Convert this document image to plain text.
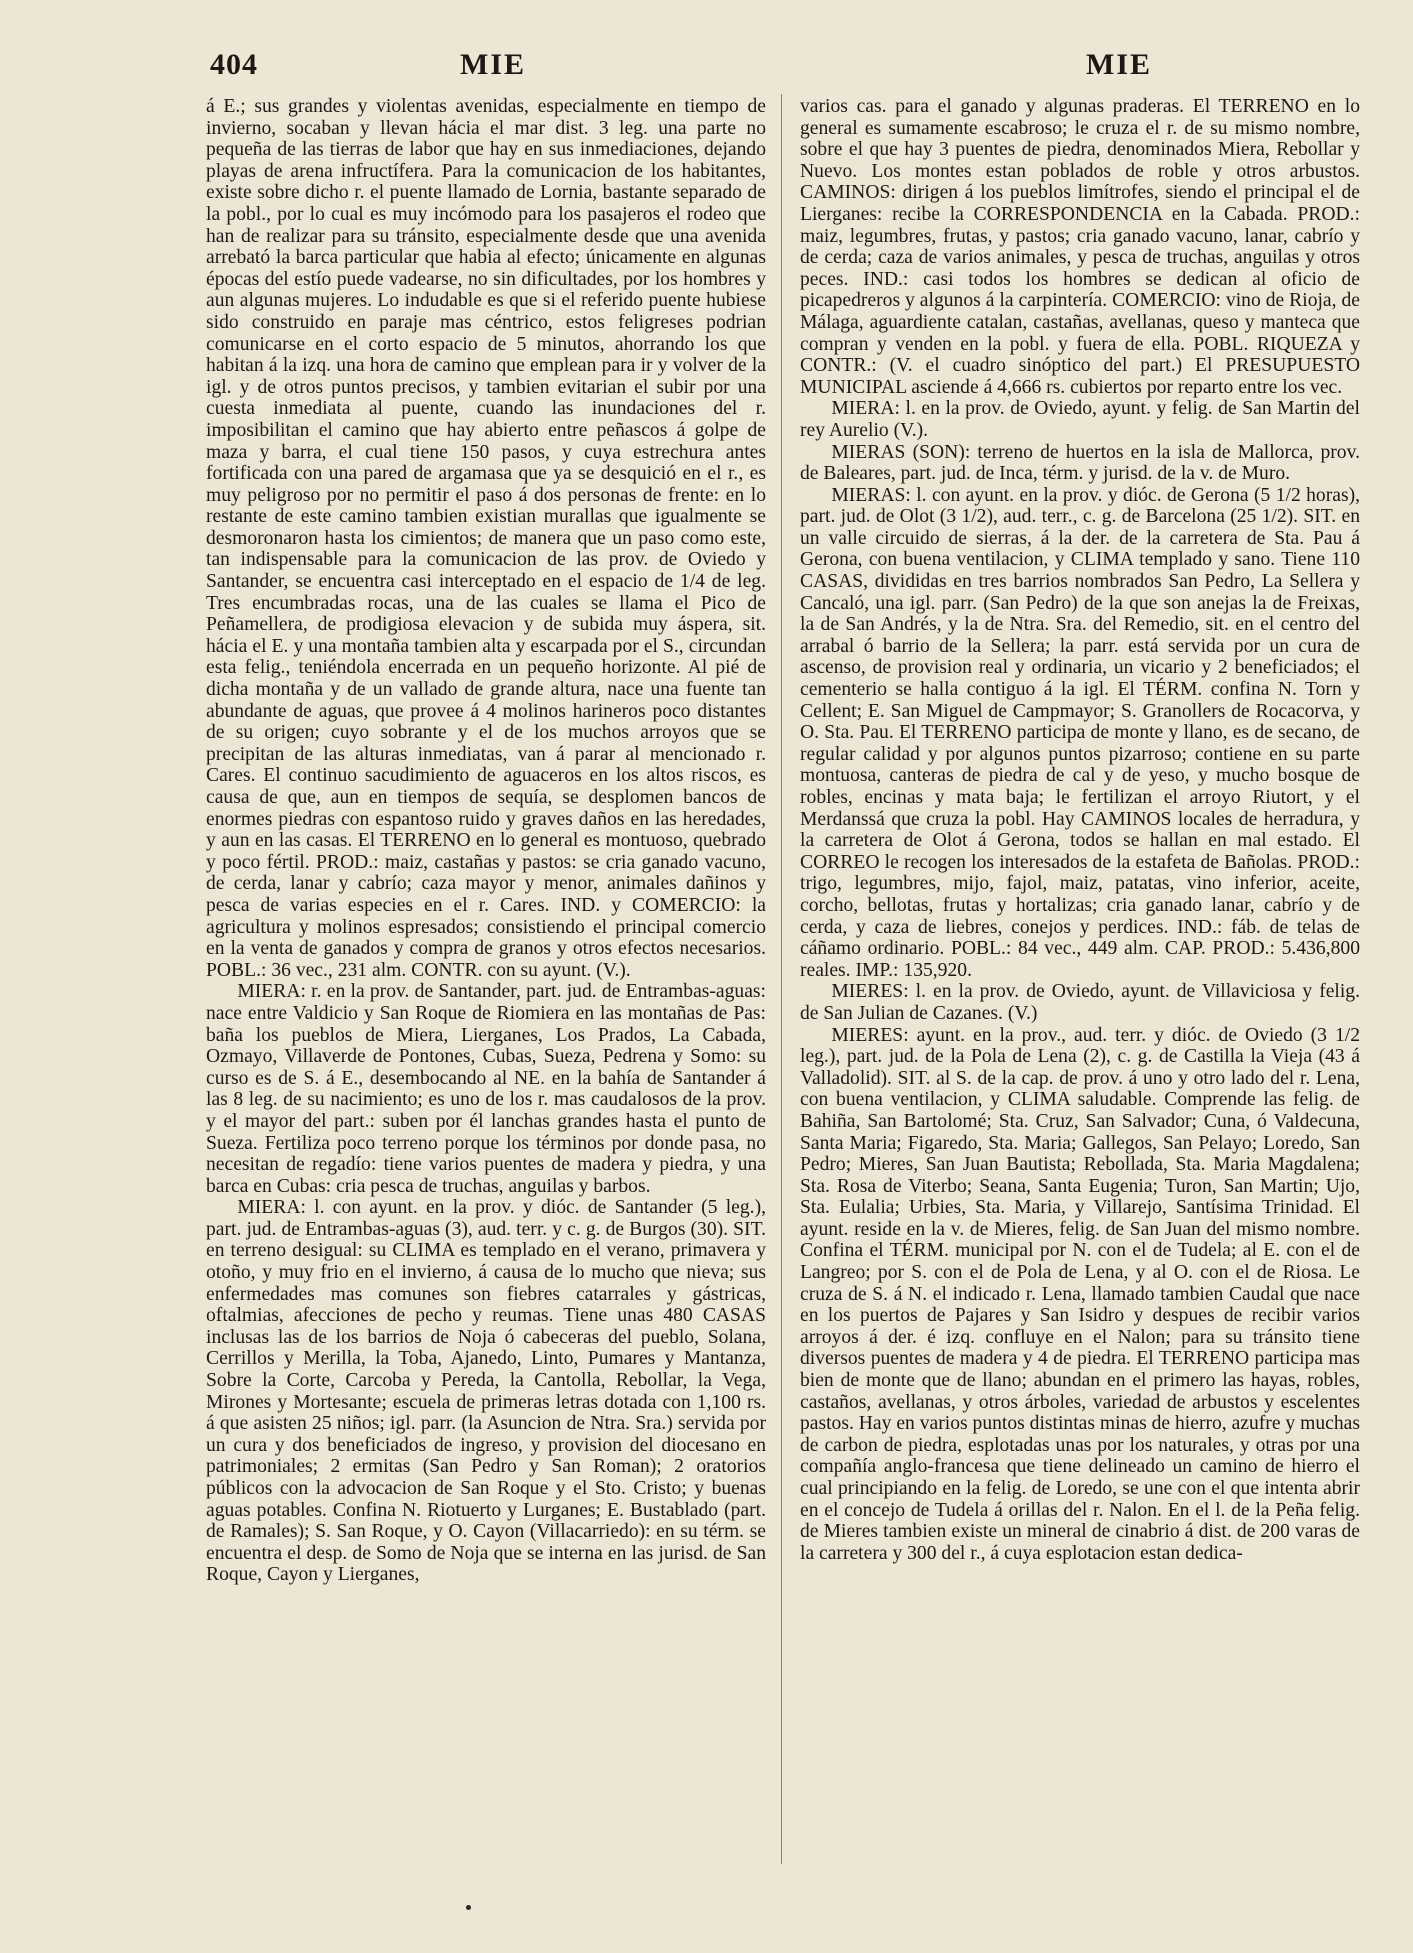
404	MIE	MIE

á E.; sus grandes y violentas avenidas, especialmente en tiempo de invierno, socaban y llevan hácia el mar dist. 3 leg. una parte no pequeña de las tierras de labor que hay en sus inmediaciones, dejando playas de arena infructífera. Para la comunicacion de los habitantes, existe sobre dicho r. el puente llamado de Lornia, bastante separado de la pobl., por lo cual es muy incómodo para los pasajeros el rodeo que han de realizar para su tránsito, especialmente desde que una avenida arrebató la barca particular que habia al efecto; únicamente en algunas épocas del estío puede vadearse, no sin dificultades, por los hombres y aun algunas mujeres. Lo indudable es que si el referido puente hubiese sido construido en paraje mas céntrico, estos feligreses podrian comunicarse en el corto espacio de 5 minutos, ahorrando los que habitan á la izq. una hora de camino que emplean para ir y volver de la igl. y de otros puntos precisos, y tambien evitarian el subir por una cuesta inmediata al puente, cuando las inundaciones del r. imposibilitan el camino que hay abierto entre peñascos á golpe de maza y barra, el cual tiene 150 pasos, y cuya estrechura antes fortificada con una pared de argamasa que ya se desquició en el r., es muy peligroso por no permitir el paso á dos personas de frente: en lo restante de este camino tambien existian murallas que igualmente se desmoronaron hasta los cimientos; de manera que un paso como este, tan indispensable para la comunicacion de las prov. de Oviedo y Santander, se encuentra casi interceptado en el espacio de 1/4 de leg. Tres encumbradas rocas, una de las cuales se llama el Pico de Peñamellera, de prodigiosa elevacion y de subida muy áspera, sit. hácia el E. y una montaña tambien alta y escarpada por el S., circundan esta felig., teniéndola encerrada en un pequeño horizonte. Al pié de dicha montaña y de un vallado de grande altura, nace una fuente tan abundante de aguas, que provee á 4 molinos harineros poco distantes de su origen; cuyo sobrante y el de los muchos arroyos que se precipitan de las alturas inmediatas, van á parar al mencionado r. Cares. El continuo sacudimiento de aguaceros en los altos riscos, es causa de que, aun en tiempos de sequía, se desplomen bancos de enormes piedras con espantoso ruido y graves daños en las heredades, y aun en las casas. El TERRENO en lo general es montuoso, quebrado y poco fértil. PROD.: maiz, castañas y pastos: se cria ganado vacuno, de cerda, lanar y cabrío; caza mayor y menor, animales dañinos y pesca de varias especies en el r. Cares. IND. y COMERCIO: la agricultura y molinos espresados; consistiendo el principal comercio en la venta de ganados y compra de granos y otros efectos necesarios. POBL.: 36 vec., 231 alm. CONTR. con su ayunt. (V.).

MIERA: r. en la prov. de Santander, part. jud. de Entrambas-aguas: nace entre Valdicio y San Roque de Riomiera en las montañas de Pas: baña los pueblos de Miera, Lierganes, Los Prados, La Cabada, Ozmayo, Villaverde de Pontones, Cubas, Sueza, Pedrena y Somo: su curso es de S. á E., desembocando al NE. en la bahía de Santander á las 8 leg. de su nacimiento; es uno de los r. mas caudalosos de la prov. y el mayor del part.: suben por él lanchas grandes hasta el punto de Sueza. Fertiliza poco terreno porque los términos por donde pasa, no necesitan de regadío: tiene varios puentes de madera y piedra, y una barca en Cubas: cria pesca de truchas, anguilas y barbos.

MIERA: l. con ayunt. en la prov. y dióc. de Santander (5 leg.), part. jud. de Entrambas-aguas (3), aud. terr. y c. g. de Burgos (30). SIT. en terreno desigual: su CLIMA es templado en el verano, primavera y otoño, y muy frio en el invierno, á causa de lo mucho que nieva; sus enfermedades mas comunes son fiebres catarrales y gástricas, oftalmias, afecciones de pecho y reumas. Tiene unas 480 CASAS inclusas las de los barrios de Noja ó cabeceras del pueblo, Solana, Cerrillos y Merilla, la Toba, Ajanedo, Linto, Pumares y Mantanza, Sobre la Corte, Carcoba y Pereda, la Cantolla, Rebollar, la Vega, Mirones y Mortesante; escuela de primeras letras dotada con 1,100 rs. á que asisten 25 niños; igl. parr. (la Asuncion de Ntra. Sra.) servida por un cura y dos beneficiados de ingreso, y provision del diocesano en patrimoniales; 2 ermitas (San Pedro y San Roman); 2 oratorios públicos con la advocacion de San Roque y el Sto. Cristo; y buenas aguas potables. Confina N. Riotuerto y Lurganes; E. Bustablado (part. de Ramales); S. San Roque, y O. Cayon (Villacarriedo): en su térm. se encuentra el desp. de Somo de Noja que se interna en las jurisd. de San Roque, Cayon y Lierganes,

varios cas. para el ganado y algunas praderas. El TERRENO en lo general es sumamente escabroso; le cruza el r. de su mismo nombre, sobre el que hay 3 puentes de piedra, denominados Miera, Rebollar y Nuevo. Los montes estan poblados de roble y otros arbustos. CAMINOS: dirigen á los pueblos limítrofes, siendo el principal el de Lierganes: recibe la CORRESPONDENCIA en la Cabada. PROD.: maiz, legumbres, frutas, y pastos; cria ganado vacuno, lanar, cabrío y de cerda; caza de varios animales, y pesca de truchas, anguilas y otros peces. IND.: casi todos los hombres se dedican al oficio de picapedreros y algunos á la carpintería. COMERCIO: vino de Rioja, de Málaga, aguardiente catalan, castañas, avellanas, queso y manteca que compran y venden en la pobl. y fuera de ella. POBL. RIQUEZA y CONTR.: (V. el cuadro sinóptico del part.) El PRESUPUESTO MUNICIPAL asciende á 4,666 rs. cubiertos por reparto entre los vec.

MIERA: l. en la prov. de Oviedo, ayunt. y felig. de San Martin del rey Aurelio (V.).

MIERAS (SON): terreno de huertos en la isla de Mallorca, prov. de Baleares, part. jud. de Inca, térm. y jurisd. de la v. de Muro.

MIERAS: l. con ayunt. en la prov. y dióc. de Gerona (5 1/2 horas), part. jud. de Olot (3 1/2), aud. terr., c. g. de Barcelona (25 1/2). SIT. en un valle circuido de sierras, á la der. de la carretera de Sta. Pau á Gerona, con buena ventilacion, y CLIMA templado y sano. Tiene 110 CASAS, divididas en tres barrios nombrados San Pedro, La Sellera y Cancaló, una igl. parr. (San Pedro) de la que son anejas la de Freixas, la de San Andrés, y la de Ntra. Sra. del Remedio, sit. en el centro del arrabal ó barrio de la Sellera; la parr. está servida por un cura de ascenso, de provision real y ordinaria, un vicario y 2 beneficiados; el cementerio se halla contiguo á la igl. El TÉRM. confina N. Torn y Cellent; E. San Miguel de Campmayor; S. Granollers de Rocacorva, y O. Sta. Pau. El TERRENO participa de monte y llano, es de secano, de regular calidad y por algunos puntos pizarroso; contiene en su parte montuosa, canteras de piedra de cal y de yeso, y mucho bosque de robles, encinas y mata baja; le fertilizan el arroyo Riutort, y el Merdanssá que cruza la pobl. Hay CAMINOS locales de herradura, y la carretera de Olot á Gerona, todos se hallan en mal estado. El CORREO le recogen los interesados de la estafeta de Bañolas. PROD.: trigo, legumbres, mijo, fajol, maiz, patatas, vino inferior, aceite, corcho, bellotas, frutas y hortalizas; cria ganado lanar, cabrío y de cerda, y caza de liebres, conejos y perdices. IND.: fáb. de telas de cáñamo ordinario. POBL.: 84 vec., 449 alm. CAP. PROD.: 5.436,800 reales. IMP.: 135,920.

MIERES: l. en la prov. de Oviedo, ayunt. de Villaviciosa y felig. de San Julian de Cazanes. (V.)

MIERES: ayunt. en la prov., aud. terr. y dióc. de Oviedo (3 1/2 leg.), part. jud. de la Pola de Lena (2), c. g. de Castilla la Vieja (43 á Valladolid). SIT. al S. de la cap. de prov. á uno y otro lado del r. Lena, con buena ventilacion, y CLIMA saludable. Comprende las felig. de Bahiña, San Bartolomé; Sta. Cruz, San Salvador; Cuna, ó Valdecuna, Santa Maria; Figaredo, Sta. Maria; Gallegos, San Pelayo; Loredo, San Pedro; Mieres, San Juan Bautista; Rebollada, Sta. Maria Magdalena; Sta. Rosa de Viterbo; Seana, Santa Eugenia; Turon, San Martin; Ujo, Sta. Eulalia; Urbies, Sta. Maria, y Villarejo, Santísima Trinidad. El ayunt. reside en la v. de Mieres, felig. de San Juan del mismo nombre. Confina el TÉRM. municipal por N. con el de Tudela; al E. con el de Langreo; por S. con el de Pola de Lena, y al O. con el de Riosa. Le cruza de S. á N. el indicado r. Lena, llamado tambien Caudal que nace en los puertos de Pajares y San Isidro y despues de recibir varios arroyos á der. é izq. confluye en el Nalon; para su tránsito tiene diversos puentes de madera y 4 de piedra. El TERRENO participa mas bien de monte que de llano; abundan en el primero las hayas, robles, castaños, avellanas, y otros árboles, variedad de arbustos y escelentes pastos. Hay en varios puntos distintas minas de hierro, azufre y muchas de carbon de piedra, esplotadas unas por los naturales, y otras por una compañía anglo-francesa que tiene delineado un camino de hierro el cual principiando en la felig. de Loredo, se une con el que intenta abrir en el concejo de Tudela á orillas del r. Nalon. En el l. de la Peña felig. de Mieres tambien existe un mineral de cinabrio á dist. de 200 varas de la carretera y 300 del r., á cuya esplotacion estan dedica-
